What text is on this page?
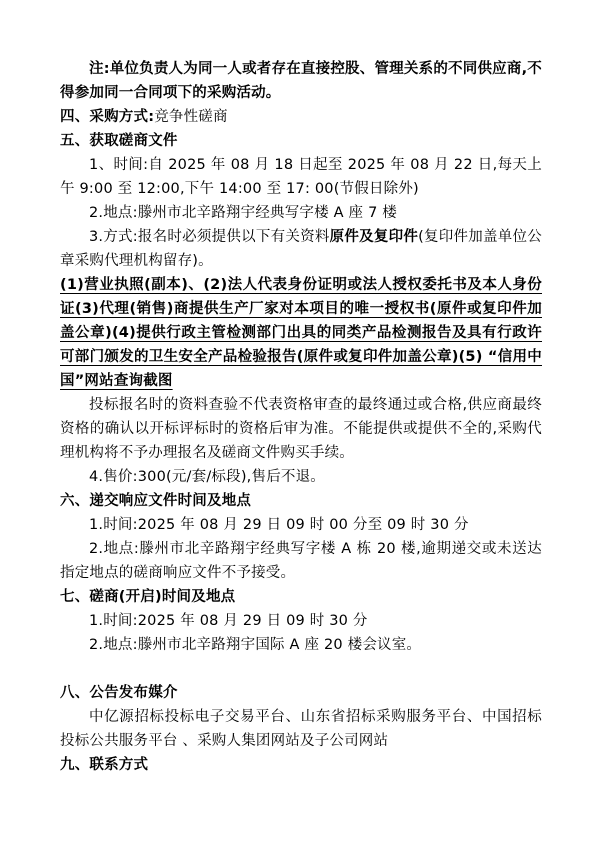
注:单位负责人为同一人或者存在直接控股、管理关系的不同供应商,不得参加同一合同项下的采购活动。

四、采购方式:竞争性磋商

五、获取磋商文件

1、时间:自 2025 年 08 月 18 日起至 2025 年 08 月 22 日,每天上午 9:00 至 12:00,下午 14:00 至 17: 00(节假日除外)

2.地点:滕州市北辛路翔宇经典写字楼 A 座 7 楼

3.方式:报名时必须提供以下有关资料原件及复印件(复印件加盖单位公章采购代理机构留存)。

(1)营业执照(副本)、(2)法人代表身份证明或法人授权委托书及本人身份证(3)代理(销售)商提供生产厂家对本项目的唯一授权书(原件或复印件加盖公章)(4)提供行政主管检测部门出具的同类产品检测报告及具有行政许可部门颁发的卫生安全产品检验报告(原件或复印件加盖公章)(5) “信用中国”网站查询截图

投标报名时的资料查验不代表资格审查的最终通过或合格,供应商最终资格的确认以开标评标时的资格后审为准。不能提供或提供不全的,采购代理机构将不予办理报名及磋商文件购买手续。

4.售价:300(元/套/标段),售后不退。

六、递交响应文件时间及地点

1.时间:2025 年 08 月 29 日 09 时 00 分至 09 时 30 分

2.地点:滕州市北辛路翔宇经典写字楼 A 栋 20 楼,逾期递交或未送达指定地点的磋商响应文件不予接受。

七、磋商(开启)时间及地点

1.时间:2025 年 08 月 29 日 09 时 30 分

2.地点:滕州市北辛路翔宇国际 A 座 20 楼会议室。

八、公告发布媒介

中亿源招标投标电子交易平台、山东省招标采购服务平台、中国招标投标公共服务平台 、采购人集团网站及子公司网站

九、联系方式
